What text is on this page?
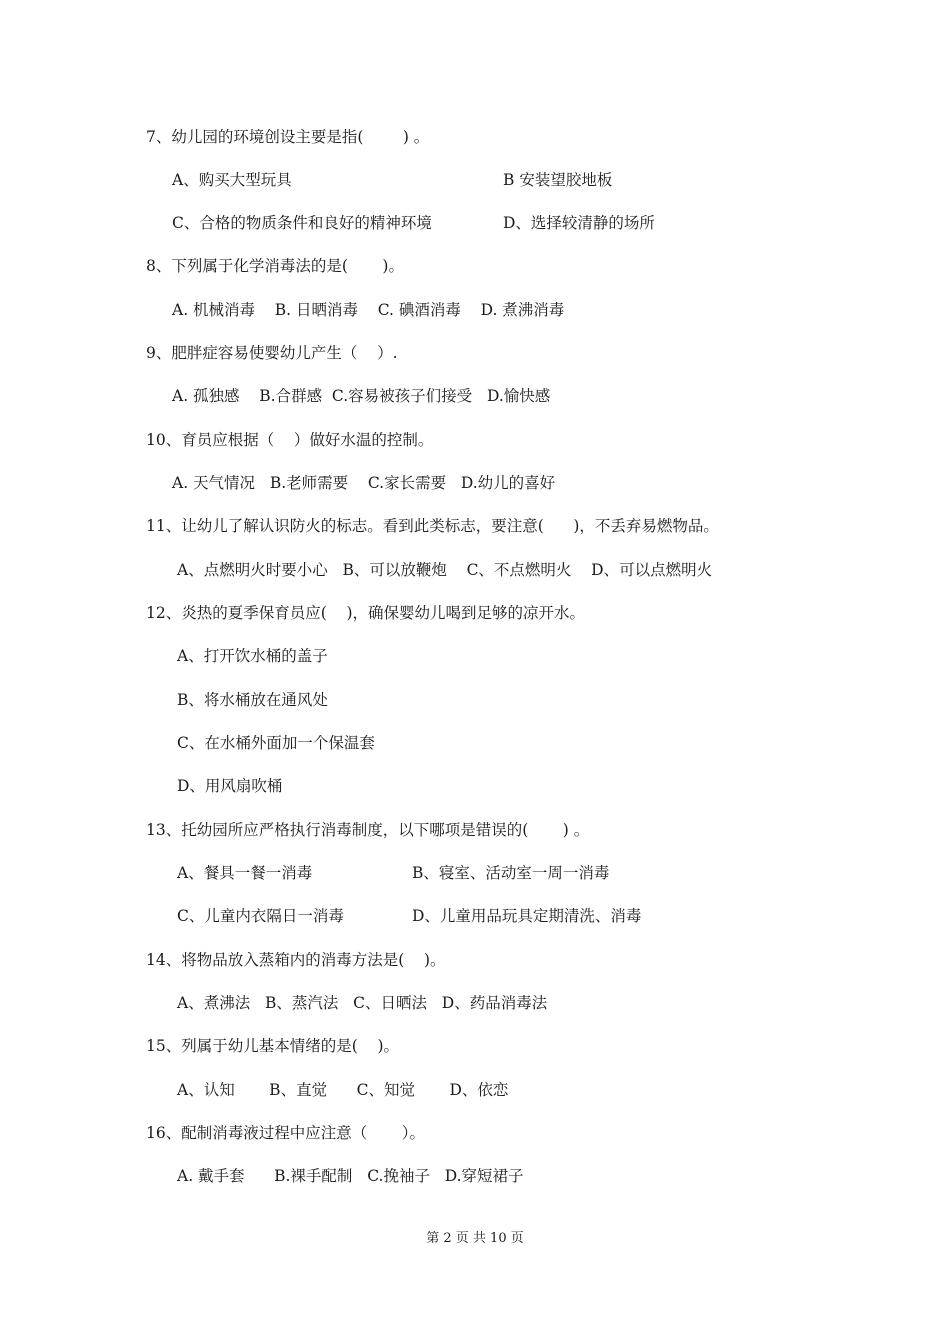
7、幼儿园的环境创设主要是指(        ) 。
A、购买大型玩具	B 安装望胶地板
C、合格的物质条件和良好的精神环境	D、选择较清静的场所
8、下列属于化学消毒法的是(       )。
A. 机械消毒    B. 日晒消毒    C. 碘酒消毒    D. 煮沸消毒
9、肥胖症容易使婴幼儿产生（    ）.
A. 孤独感    B.合群感  C.容易被孩子们接受   D.愉快感
10、育员应根据（    ）做好水温的控制。
A. 天气情况   B.老师需要    C.家长需要   D.幼儿的喜好
11、让幼儿了解认识防火的标志。看到此类标志，要注意(      )，不丢弃易燃物品。
A、点燃明火时要小心   B、可以放鞭炮    C、不点燃明火    D、可以点燃明火
12、炎热的夏季保育员应(    )，确保婴幼儿喝到足够的凉开水。
A、打开饮水桶的盖子
B、将水桶放在通风处
C、在水桶外面加一个保温套
D、用风扇吹桶
13、托幼园所应严格执行消毒制度，以下哪项是错误的(       ) 。
A、餐具一餐一消毒	B、寝室、活动室一周一消毒
C、儿童内衣隔日一消毒	D、儿童用品玩具定期清洗、消毒
14、将物品放入蒸箱内的消毒方法是(    )。
A、煮沸法   B、蒸汽法   C、日晒法   D、药品消毒法
15、列属于幼儿基本情绪的是(    )。
A、认知       B、直觉      C、知觉       D、依恋
16、配制消毒液过程中应注意（       ）。
A. 戴手套      B.裸手配制   C.挽袖子   D.穿短裙子
第 2 页 共 10 页
